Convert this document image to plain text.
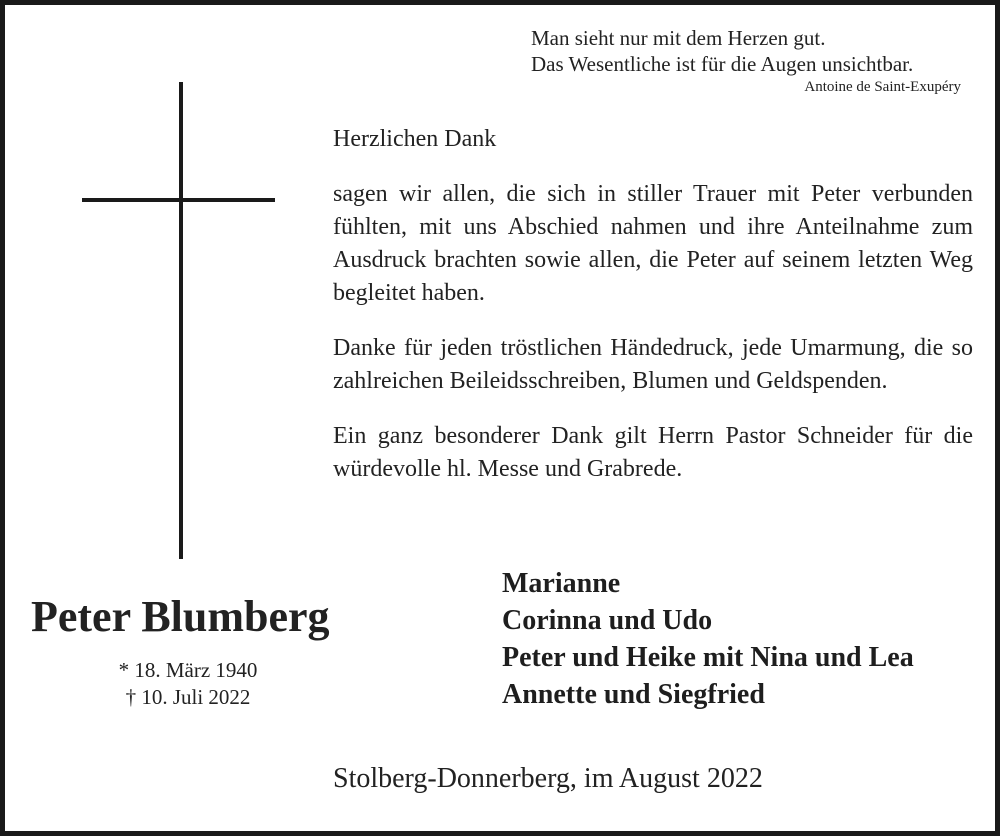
Man sieht nur mit dem Herzen gut.
Das Wesentliche ist für die Augen unsichtbar.
Antoine de Saint-Exupéry

Herzlichen Dank

sagen wir allen, die sich in stiller Trauer mit Peter verbunden fühlten, mit uns Abschied nahmen und ihre Anteilnahme zum Ausdruck brachten sowie allen, die Peter auf seinem letzten Weg begleitet haben.

Danke für jeden tröstlichen Händedruck, jede Umarmung, die so zahlreichen Beileidsschreiben, Blumen und Geldspenden.

Ein ganz besonderer Dank gilt Herrn Pastor Schneider für die würdevolle hl. Messe und Grabrede.

Peter Blumberg
* 18. März 1940
† 10. Juli 2022
Marianne
Corinna und Udo
Peter und Heike mit Nina und Lea
Annette und Siegfried
Stolberg-Donnerberg, im August 2022
